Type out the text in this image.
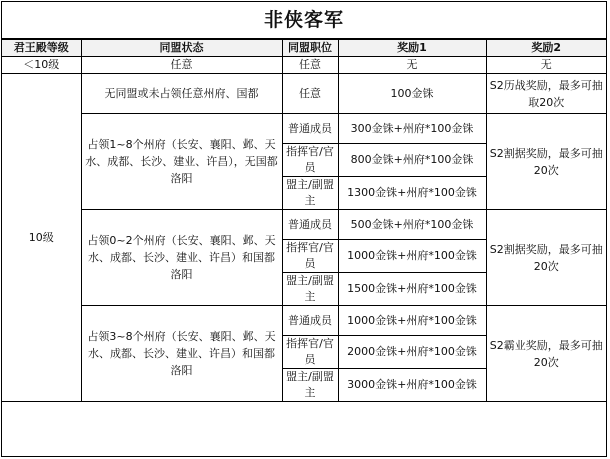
非侠客军
君王殿等级	同盟状态	同盟职位	奖励1	奖励2
＜10级	任意	任意	无	无
10级	无同盟或未占领任意州府、国都	任意	100金铢	S2历战奖励，最多可抽取20次
	占领1~8个州府（长安、襄阳、邺、天水、成都、长沙、建业、许昌），无国都洛阳	普通成员	300金铢+州府*100金铢	S2割据奖励，最多可抽20次
		指挥官/官员	800金铢+州府*100金铢	
		盟主/副盟主	1300金铢+州府*100金铢	
	占领0~2个州府（长安、襄阳、邺、天水、成都、长沙、建业、许昌）和国都洛阳	普通成员	500金铢+州府*100金铢	S2割据奖励，最多可抽20次
		指挥官/官员	1000金铢+州府*100金铢	
		盟主/副盟主	1500金铢+州府*100金铢	
	占领3~8个州府（长安、襄阳、邺、天水、成都、长沙、建业、许昌）和国都洛阳	普通成员	1000金铢+州府*100金铢	S2霸业奖励，最多可抽20次
		指挥官/官员	2000金铢+州府*100金铢	
		盟主/副盟主	3000金铢+州府*100金铢	
